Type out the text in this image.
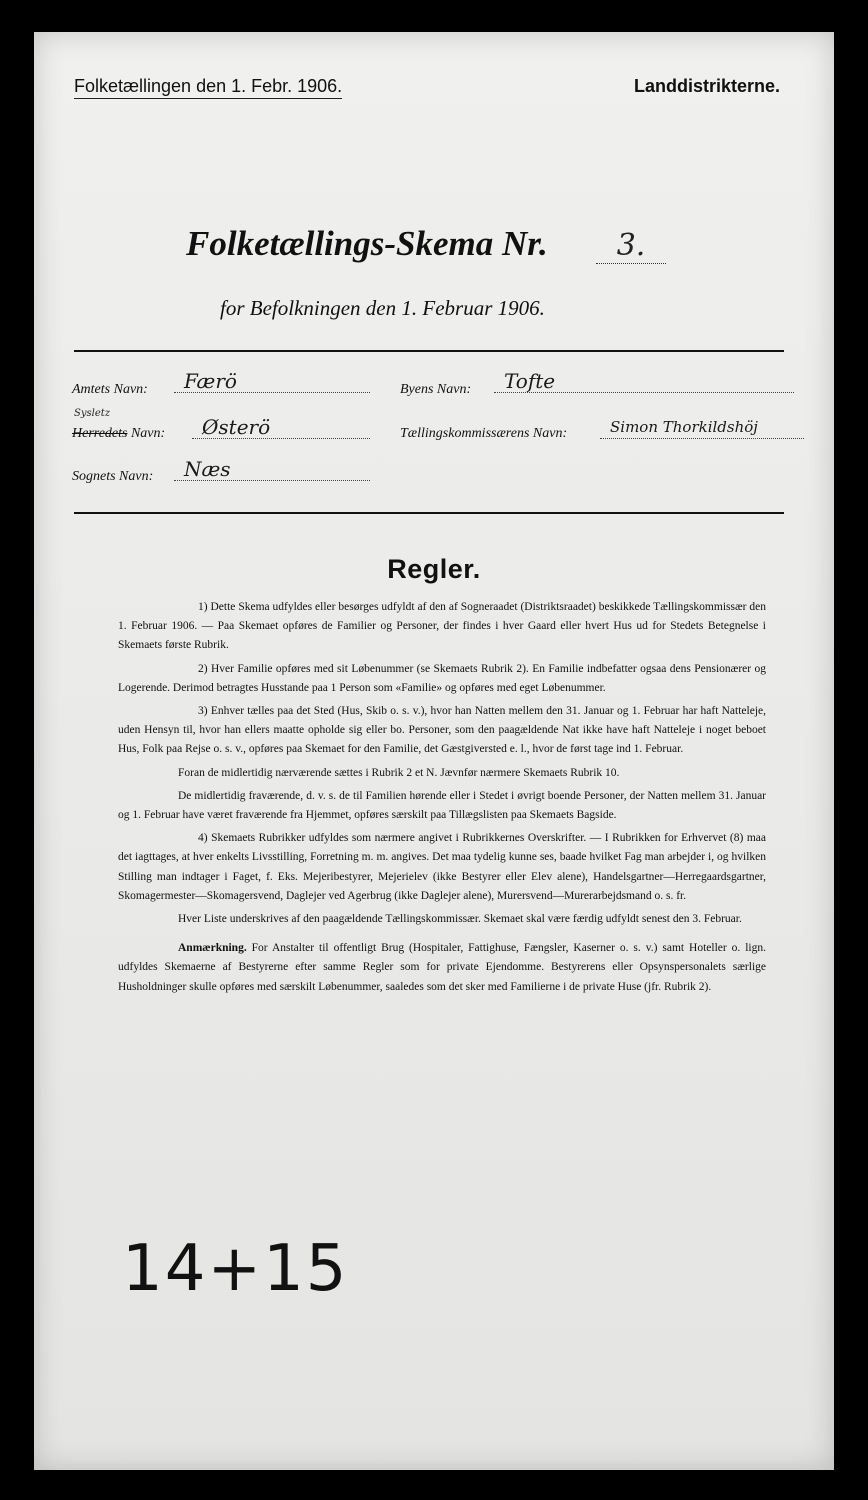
Folketællingen den 1. Febr. 1906.	Landdistrikterne.
Folketællings-Skema Nr.	3.
for Befolkningen den 1. Februar 1906.
Amtets Navn:	Færö	Byens Navn:	Tofte
Sysletz
Herredets Navn:	Østerö	Tællingskommissærens Navn:	Simon Thorkildshöj
Sognets Navn:	Næs
Regler.

1) Dette Skema udfyldes eller besørges udfyldt af den af Sogneraadet (Distriktsraadet) beskikkede Tællingskommissær den 1. Februar 1906. — Paa Skemaet opføres de Familier og Personer, der findes i hver Gaard eller hvert Hus ud for Stedets Betegnelse i Skemaets første Rubrik.

2) Hver Familie opføres med sit Løbenummer (se Skemaets Rubrik 2). En Familie indbefatter ogsaa dens Pensionærer og Logerende. Derimod betragtes Husstande paa 1 Person som «Familie» og opføres med eget Løbenummer.

3) Enhver tælles paa det Sted (Hus, Skib o. s. v.), hvor han Natten mellem den 31. Januar og 1. Februar har haft Natteleje, uden Hensyn til, hvor han ellers maatte opholde sig eller bo. Personer, som den paagældende Nat ikke have haft Natteleje i noget beboet Hus, Folk paa Rejse o. s. v., opføres paa Skemaet for den Familie, det Gæstgiversted e. l., hvor de først tage ind 1. Februar.

Foran de midlertidig nærværende sættes i Rubrik 2 et N. Jævnfør nærmere Skemaets Rubrik 10.

De midlertidig fraværende, d. v. s. de til Familien hørende eller i Stedet i øvrigt boende Personer, der Natten mellem 31. Januar og 1. Februar have været fraværende fra Hjemmet, opføres særskilt paa Tillægslisten paa Skemaets Bagside.

4) Skemaets Rubrikker udfyldes som nærmere angivet i Rubrikkernes Overskrifter. — I Rubrikken for Erhvervet (8) maa det iagttages, at hver enkelts Livsstilling, Forretning m. m. angives. Det maa tydelig kunne ses, baade hvilket Fag man arbejder i, og hvilken Stilling man indtager i Faget, f. Eks. Mejeribestyrer, Mejerielev (ikke Bestyrer eller Elev alene), Handelsgartner—Herregaardsgartner, Skomagermester—Skomagersvend, Daglejer ved Agerbrug (ikke Daglejer alene), Murersvend—Murerarbejdsmand o. s. fr.

Hver Liste underskrives af den paagældende Tællingskommissær. Skemaet skal være færdig udfyldt senest den 3. Februar.

Anmærkning. For Anstalter til offentligt Brug (Hospitaler, Fattighuse, Fængsler, Kaserner o. s. v.) samt Hoteller o. lign. udfyldes Skemaerne af Bestyrerne efter samme Regler som for private Ejendomme. Bestyrerens eller Opsynspersonalets særlige Husholdninger skulle opføres med særskilt Løbenummer, saaledes som det sker med Familierne i de private Huse (jfr. Rubrik 2).

14+15
